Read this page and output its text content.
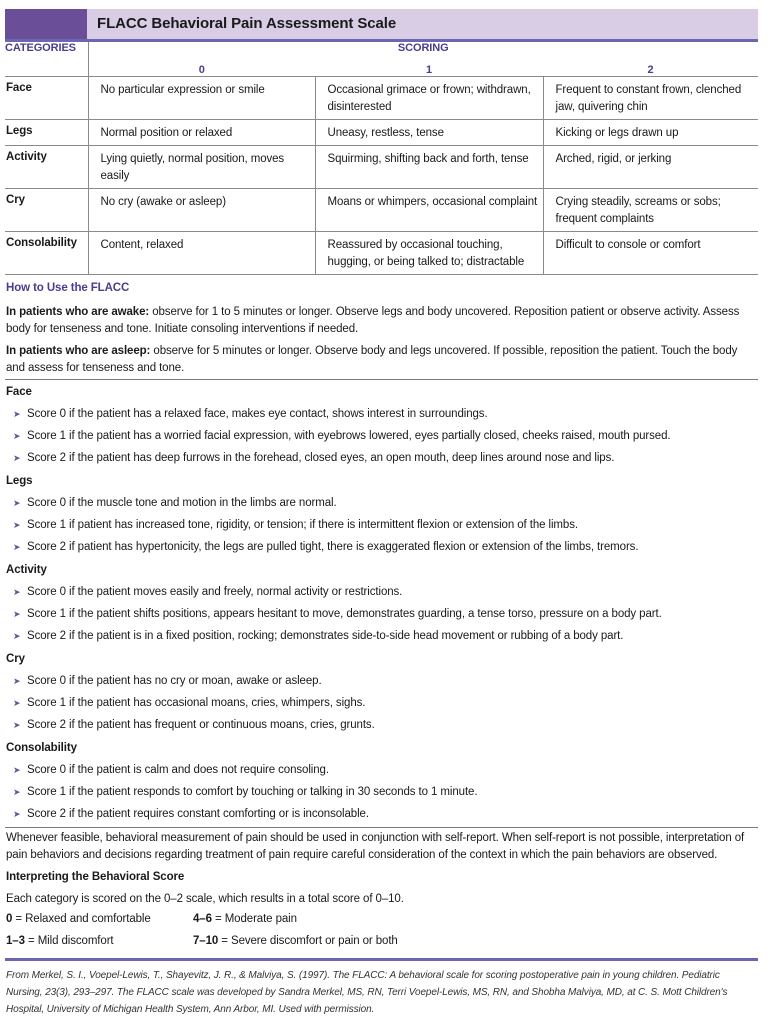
FLACC Behavioral Pain Assessment Scale
CATEGORIES	SCORING		
	0	1	2
Face	No particular expression or smile	Occasional grimace or frown; withdrawn, disinterested	Frequent to constant frown, clenched jaw, quivering chin
Legs	Normal position or relaxed	Uneasy, restless, tense	Kicking or legs drawn up
Activity	Lying quietly, normal position, moves easily	Squirming, shifting back and forth, tense	Arched, rigid, or jerking
Cry	No cry (awake or asleep)	Moans or whimpers, occasional complaint	Crying steadily, screams or sobs; frequent complaints
Consolability	Content, relaxed	Reassured by occasional touching, hugging, or being talked to; distractable	Difficult to console or comfort
How to Use the FLACC

In patients who are awake: observe for 1 to 5 minutes or longer. Observe legs and body uncovered. Reposition patient or observe activity. Assess body for tenseness and tone. Initiate consoling interventions if needed.

In patients who are asleep: observe for 5 minutes or longer. Observe body and legs uncovered. If possible, reposition the patient. Touch the body and assess for tenseness and tone.

Face
➤ Score 0 if the patient has a relaxed face, makes eye contact, shows interest in surroundings.
➤ Score 1 if the patient has a worried facial expression, with eyebrows lowered, eyes partially closed, cheeks raised, mouth pursed.
➤ Score 2 if the patient has deep furrows in the forehead, closed eyes, an open mouth, deep lines around nose and lips.
Legs
➤ Score 0 if the muscle tone and motion in the limbs are normal.
➤ Score 1 if patient has increased tone, rigidity, or tension; if there is intermittent flexion or extension of the limbs.
➤ Score 2 if patient has hypertonicity, the legs are pulled tight, there is exaggerated flexion or extension of the limbs, tremors.
Activity
➤ Score 0 if the patient moves easily and freely, normal activity or restrictions.
➤ Score 1 if the patient shifts positions, appears hesitant to move, demonstrates guarding, a tense torso, pressure on a body part.
➤ Score 2 if the patient is in a fixed position, rocking; demonstrates side-to-side head movement or rubbing of a body part.
Cry
➤ Score 0 if the patient has no cry or moan, awake or asleep.
➤ Score 1 if the patient has occasional moans, cries, whimpers, sighs.
➤ Score 2 if the patient has frequent or continuous moans, cries, grunts.
Consolability
➤ Score 0 if the patient is calm and does not require consoling.
➤ Score 1 if the patient responds to comfort by touching or talking in 30 seconds to 1 minute.
➤ Score 2 if the patient requires constant comforting or is inconsolable.
Whenever feasible, behavioral measurement of pain should be used in conjunction with self-report. When self-report is not possible, interpretation of pain behaviors and decisions regarding treatment of pain require careful consideration of the context in which the pain behaviors are observed.
Interpreting the Behavioral Score
Each category is scored on the 0–2 scale, which results in a total score of 0–10.
0 = Relaxed and comfortable	4–6 = Moderate pain
1–3 = Mild discomfort	7–10 = Severe discomfort or pain or both
From Merkel, S. I., Voepel-Lewis, T., Shayevitz, J. R., & Malviya, S. (1997). The FLACC: A behavioral scale for scoring postoperative pain in young children. Pediatric Nursing, 23(3), 293–297. The FLACC scale was developed by Sandra Merkel, MS, RN, Terri Voepel-Lewis, MS, RN, and Shobha Malviya, MD, at C. S. Mott Children's Hospital, University of Michigan Health System, Ann Arbor, MI. Used with permission.
